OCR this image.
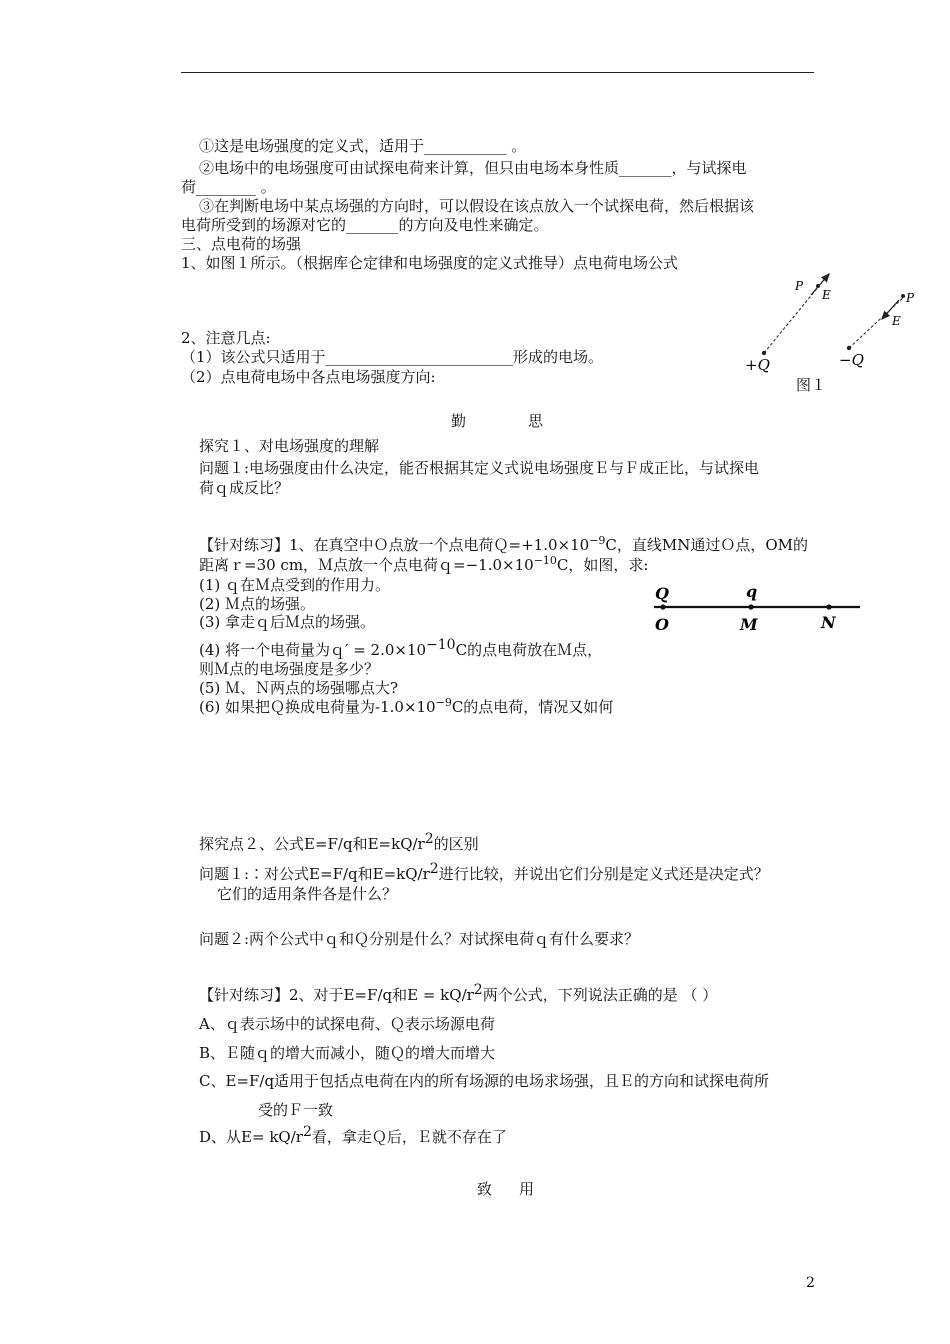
①这是电场强度的定义式，适用于___________ 。
②电场中的电场强度可由试探电荷来计算，但只由电场本身性质_______，与试探电
荷________ 。
③在判断电场中某点场强的方向时，可以假设在该点放入一个试探电荷，然后根据该
电荷所受到的场源对它的_______的方向及电性来确定。
三、点电荷的场强
1、如图１所示。（根据库仑定律和电场强度的定义式推导）点电荷电场公式
2、注意几点:
（1）该公式只适用于_________________________形成的电场。
（2）点电荷电场中各点电场强度方向:
P
E
+Q
P
E
−Q
图１
勤	思
探究１、对电场强度的理解
问题１:电场强度由什么决定，能否根据其定义式说电场强度Ｅ与Ｆ成正比，与试探电
荷ｑ成反比？
【针对练习】1、在真空中Ｏ点放一个点电荷$Q=+1.0\times 10^{-9}C$，直线MN通过Ｏ点，OM的
距离ｒ=30 cm，Ｍ点放一个点电荷$q=-1.0\times 10^{-10}C$，如图，求:
(1) ｑ在Ｍ点受到的作用力。
(2) Ｍ点的场强。
(3) 拿走ｑ后Ｍ点的场强。
(4) 将一个电荷量为ｑ′ = 2.0×10−10C的点电荷放在Ｍ点，
则Ｍ点的电场强度是多少？
(5) Ｍ、Ｎ两点的场强哪点大?
(6) 如果把Ｑ换成电荷量为$-1.0\times 10^{-9}C$的点电荷，情况又如何
Q	q
O	M	N
探究点２、公式E=F/q和E=kQ/r2的区别
问题１:∶对公式E=F/q和E=kQ/r2进行比较，并说出它们分别是定义式还是决定式？
它们的适用条件各是什么？
问题２:两个公式中ｑ和Ｑ分别是什么？对试探电荷ｑ有什么要求？
【针对练习】2、对于E=F/q和E = kQ/r2两个公式，下列说法正确的是 （ ）
A、ｑ表示场中的试探电荷、Ｑ表示场源电荷
B、Ｅ随ｑ的增大而减小，随Ｑ的增大而增大
C、E=F/q适用于包括点电荷在内的所有场源的电场求场强，且Ｅ的方向和试探电荷所
受的Ｆ一致
D、从E= kQ/r2看，拿走Ｑ后，Ｅ就不存在了
致 用
2
